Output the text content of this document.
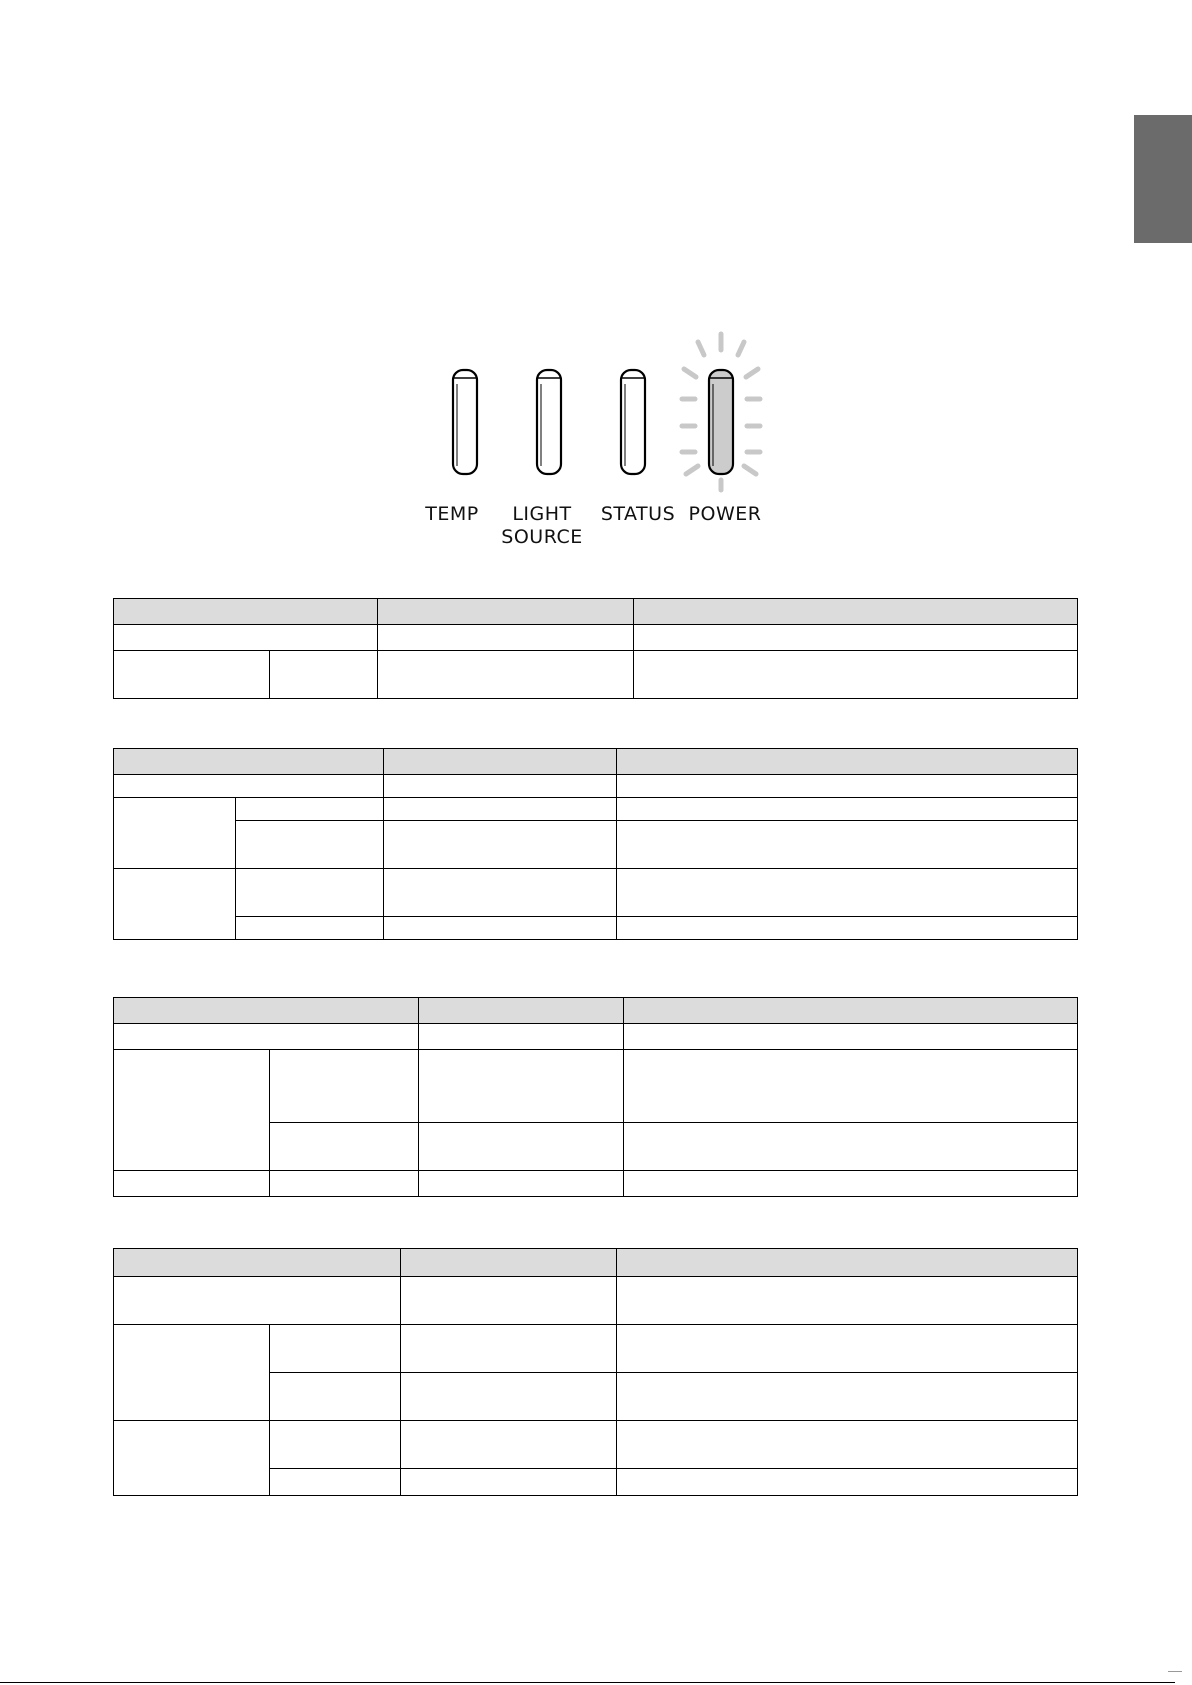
TEMP	LIGHT
SOURCE
STATUS POWER
